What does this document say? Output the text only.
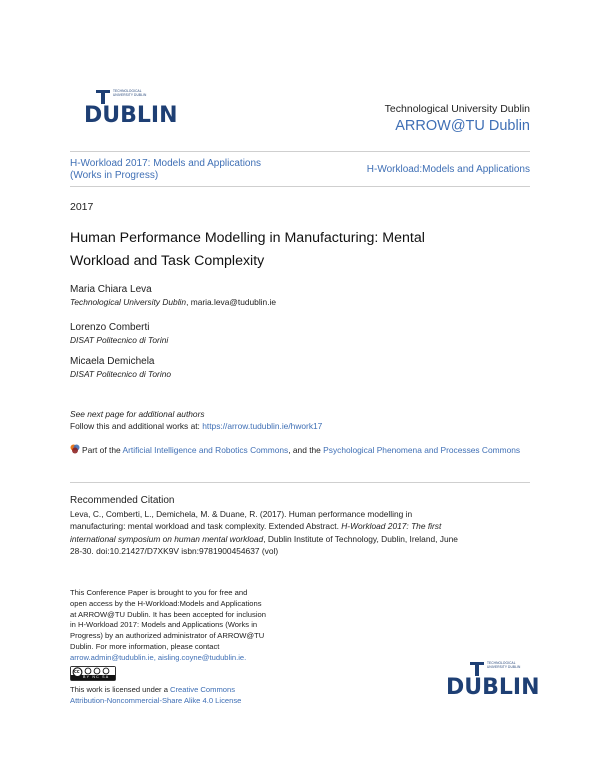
TECHNOLOGICAL UNIVERSITY DUBLIN
DUBLIN	Technological University Dublin
ARROW@TU Dublin
H-Workload 2017: Models and Applications (Works in Progress)	H-Workload:Models and Applications
2017
Human Performance Modelling in Manufacturing: Mental Workload and Task Complexity
Maria Chiara Leva
Technological University Dublin, maria.leva@tudublin.ie
Lorenzo Comberti
DISAT Politecnico di Torini
Micaela Demichela
DISAT Politecnico di Torino
See next page for additional authors
Follow this and additional works at: https://arrow.tudublin.ie/hwork17
Part of the Artificial Intelligence and Robotics Commons, and the Psychological Phenomena and Processes Commons
Recommended Citation
Leva, C., Comberti, L., Demichela, M. & Duane, R. (2017). Human performance modelling in
manufacturing: mental workload and task complexity. Extended Abstract. H-Workload 2017: The first
international symposium on human mental workload, Dublin Institute of Technology, Dublin, Ireland, June
28-30. doi:10.21427/D7XK9V isbn:9781900454637 (vol)
This Conference Paper is brought to you for free and
open access by the H-Workload:Models and Applications
at ARROW@TU Dublin. It has been accepted for inclusion
in H-Workload 2017: Models and Applications (Works in
Progress) by an authorized administrator of ARROW@TU
Dublin. For more information, please contact
arrow.admin@tudublin.ie, aisling.coyne@tudublin.ie.
cc
BY NC SA
This work is licensed under a Creative Commons
Attribution-Noncommercial-Share Alike 4.0 License
TECHNOLOGICAL UNIVERSITY DUBLIN
DUBLIN
